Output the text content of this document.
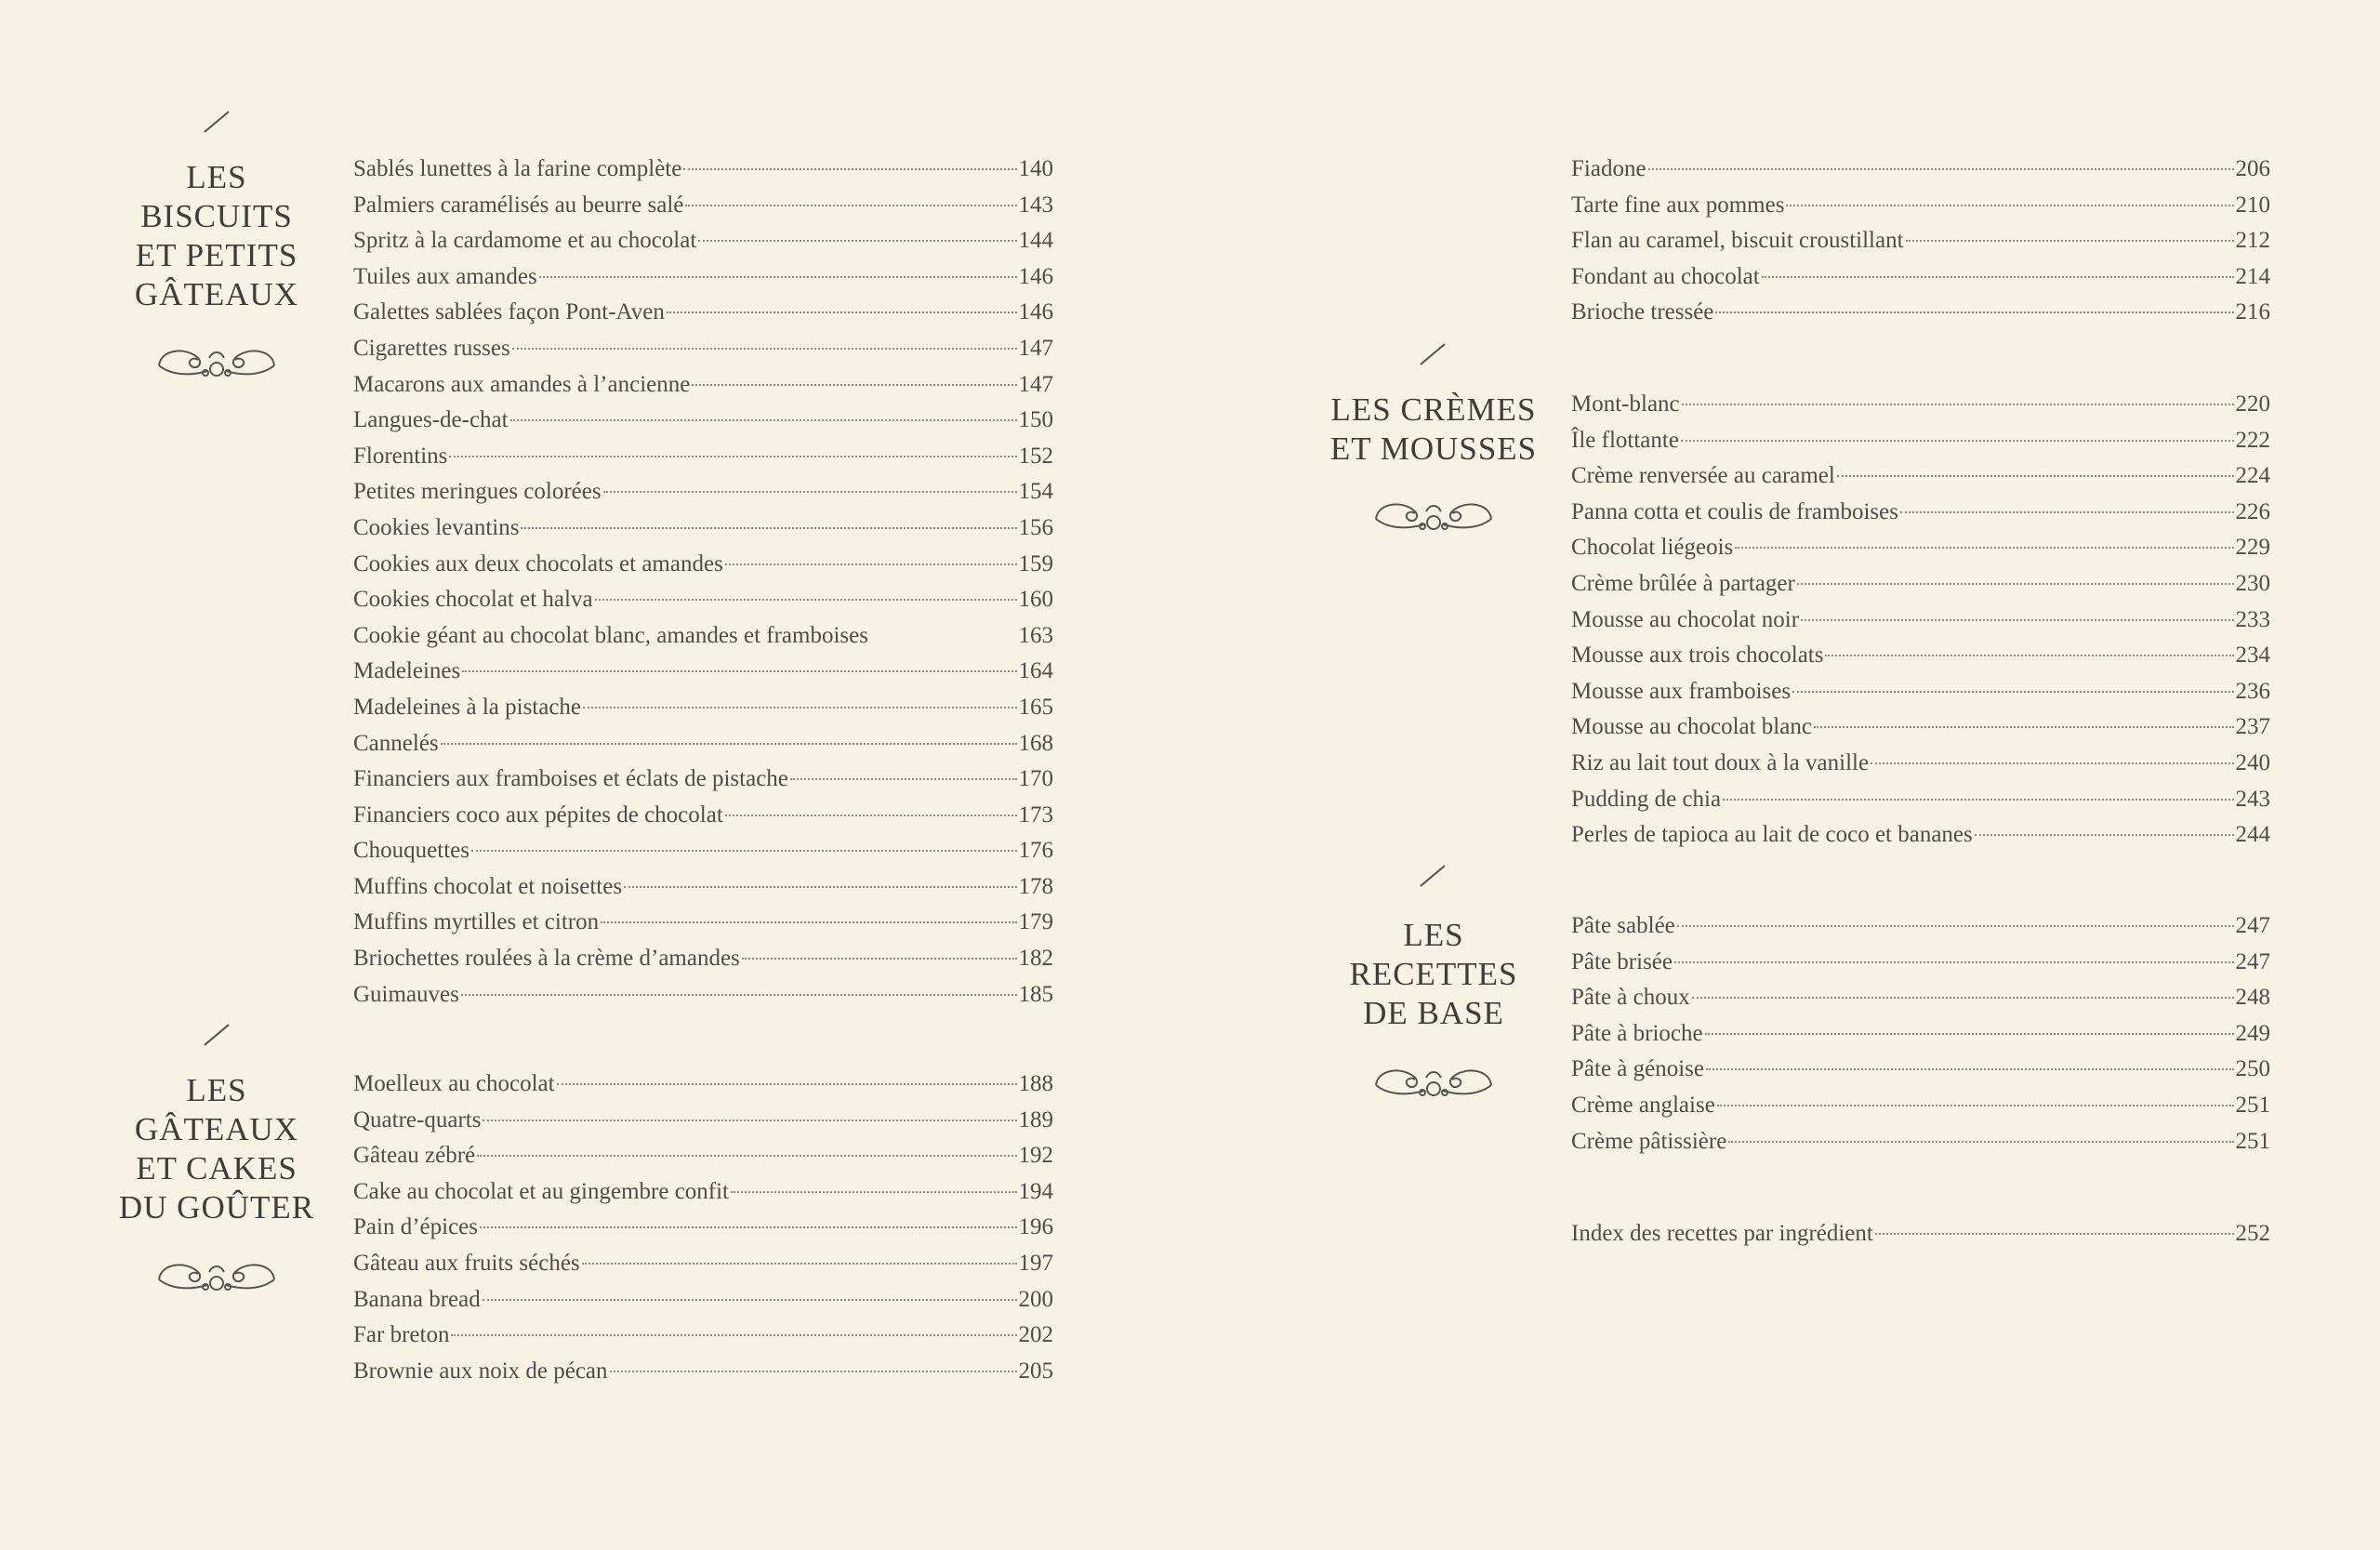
LES
BISCUITS
ET PETITS
GÂTEAUX
Sablés lunettes à la farine complète	140
Palmiers caramélisés au beurre salé	143
Spritz à la cardamome et au chocolat	144
Tuiles aux amandes	146
Galettes sablées façon Pont-Aven	146
Cigarettes russes	147
Macarons aux amandes à l’ancienne	147
Langues-de-chat	150
Florentins	152
Petites meringues colorées	154
Cookies levantins	156
Cookies aux deux chocolats et amandes	159
Cookies chocolat et halva	160
Cookie géant au chocolat blanc, amandes et framboises	163
Madeleines	164
Madeleines à la pistache	165
Cannelés	168
Financiers aux framboises et éclats de pistache	170
Financiers coco aux pépites de chocolat	173
Chouquettes	176
Muffins chocolat et noisettes	178
Muffins myrtilles et citron	179
Briochettes roulées à la crème d’amandes	182
Guimauves	185
LES
GÂTEAUX
ET CAKES
DU GOÛTER
Moelleux au chocolat	188
Quatre-quarts	189
Gâteau zébré	192
Cake au chocolat et au gingembre confit	194
Pain d’épices	196
Gâteau aux fruits séchés	197
Banana bread	200
Far breton	202
Brownie aux noix de pécan	205
Fiadone	206
Tarte fine aux pommes	210
Flan au caramel, biscuit croustillant	212
Fondant au chocolat	214
Brioche tressée	216
LES CRÈMES
ET MOUSSES
Mont-blanc	220
Île flottante	222
Crème renversée au caramel	224
Panna cotta et coulis de framboises	226
Chocolat liégeois	229
Crème brûlée à partager	230
Mousse au chocolat noir	233
Mousse aux trois chocolats	234
Mousse aux framboises	236
Mousse au chocolat blanc	237
Riz au lait tout doux à la vanille	240
Pudding de chia	243
Perles de tapioca au lait de coco et bananes	244
LES
RECETTES
DE BASE
Pâte sablée	247
Pâte brisée	247
Pâte à choux	248
Pâte à brioche	249
Pâte à génoise	250
Crème anglaise	251
Crème pâtissière	251
Index des recettes par ingrédient	252
